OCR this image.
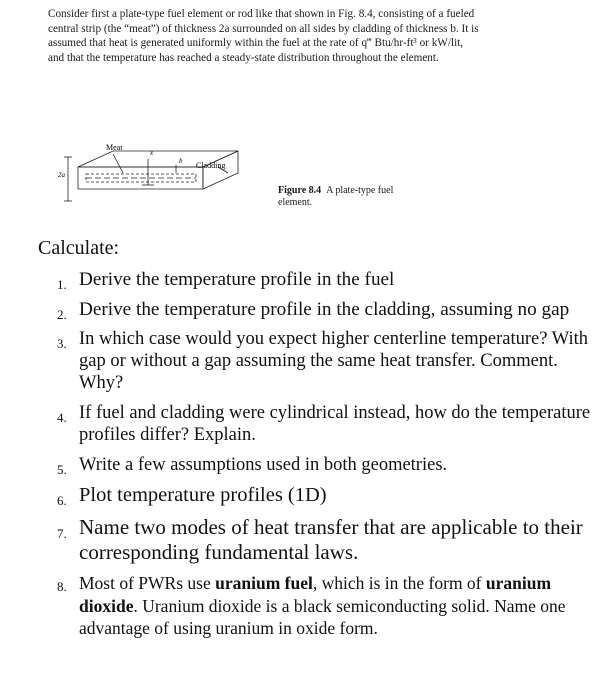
Consider first a plate-type fuel element or rod like that shown in Fig. 8.4, consisting of a fueled central strip (the “meat”) of thickness 2a surrounded on all sides by cladding of thickness b. It is assumed that heat is generated uniformly within the fuel at the rate of q‴ Btu/hr-ft³ or kW/lit, and that the temperature has reached a steady-state distribution throughout the element.

Meat
x
b Cladding
2a
Figure 8.4 A plate-type fuel element.
Calculate:
1. Derive the temperature profile in the fuel
2. Derive the temperature profile in the cladding, assuming no gap
3. In which case would you expect higher centerline temperature? With gap or without a gap assuming the same heat transfer. Comment. Why?
4. If fuel and cladding were cylindrical instead, how do the temperature profiles differ? Explain.
5. Write a few assumptions used in both geometries.
6. Plot temperature profiles (1D)
7. Name two modes of heat transfer that are applicable to their corresponding fundamental laws.
8. Most of PWRs use uranium fuel, which is in the form of uranium dioxide. Uranium dioxide is a black semiconducting solid. Name one advantage of using uranium in oxide form.
